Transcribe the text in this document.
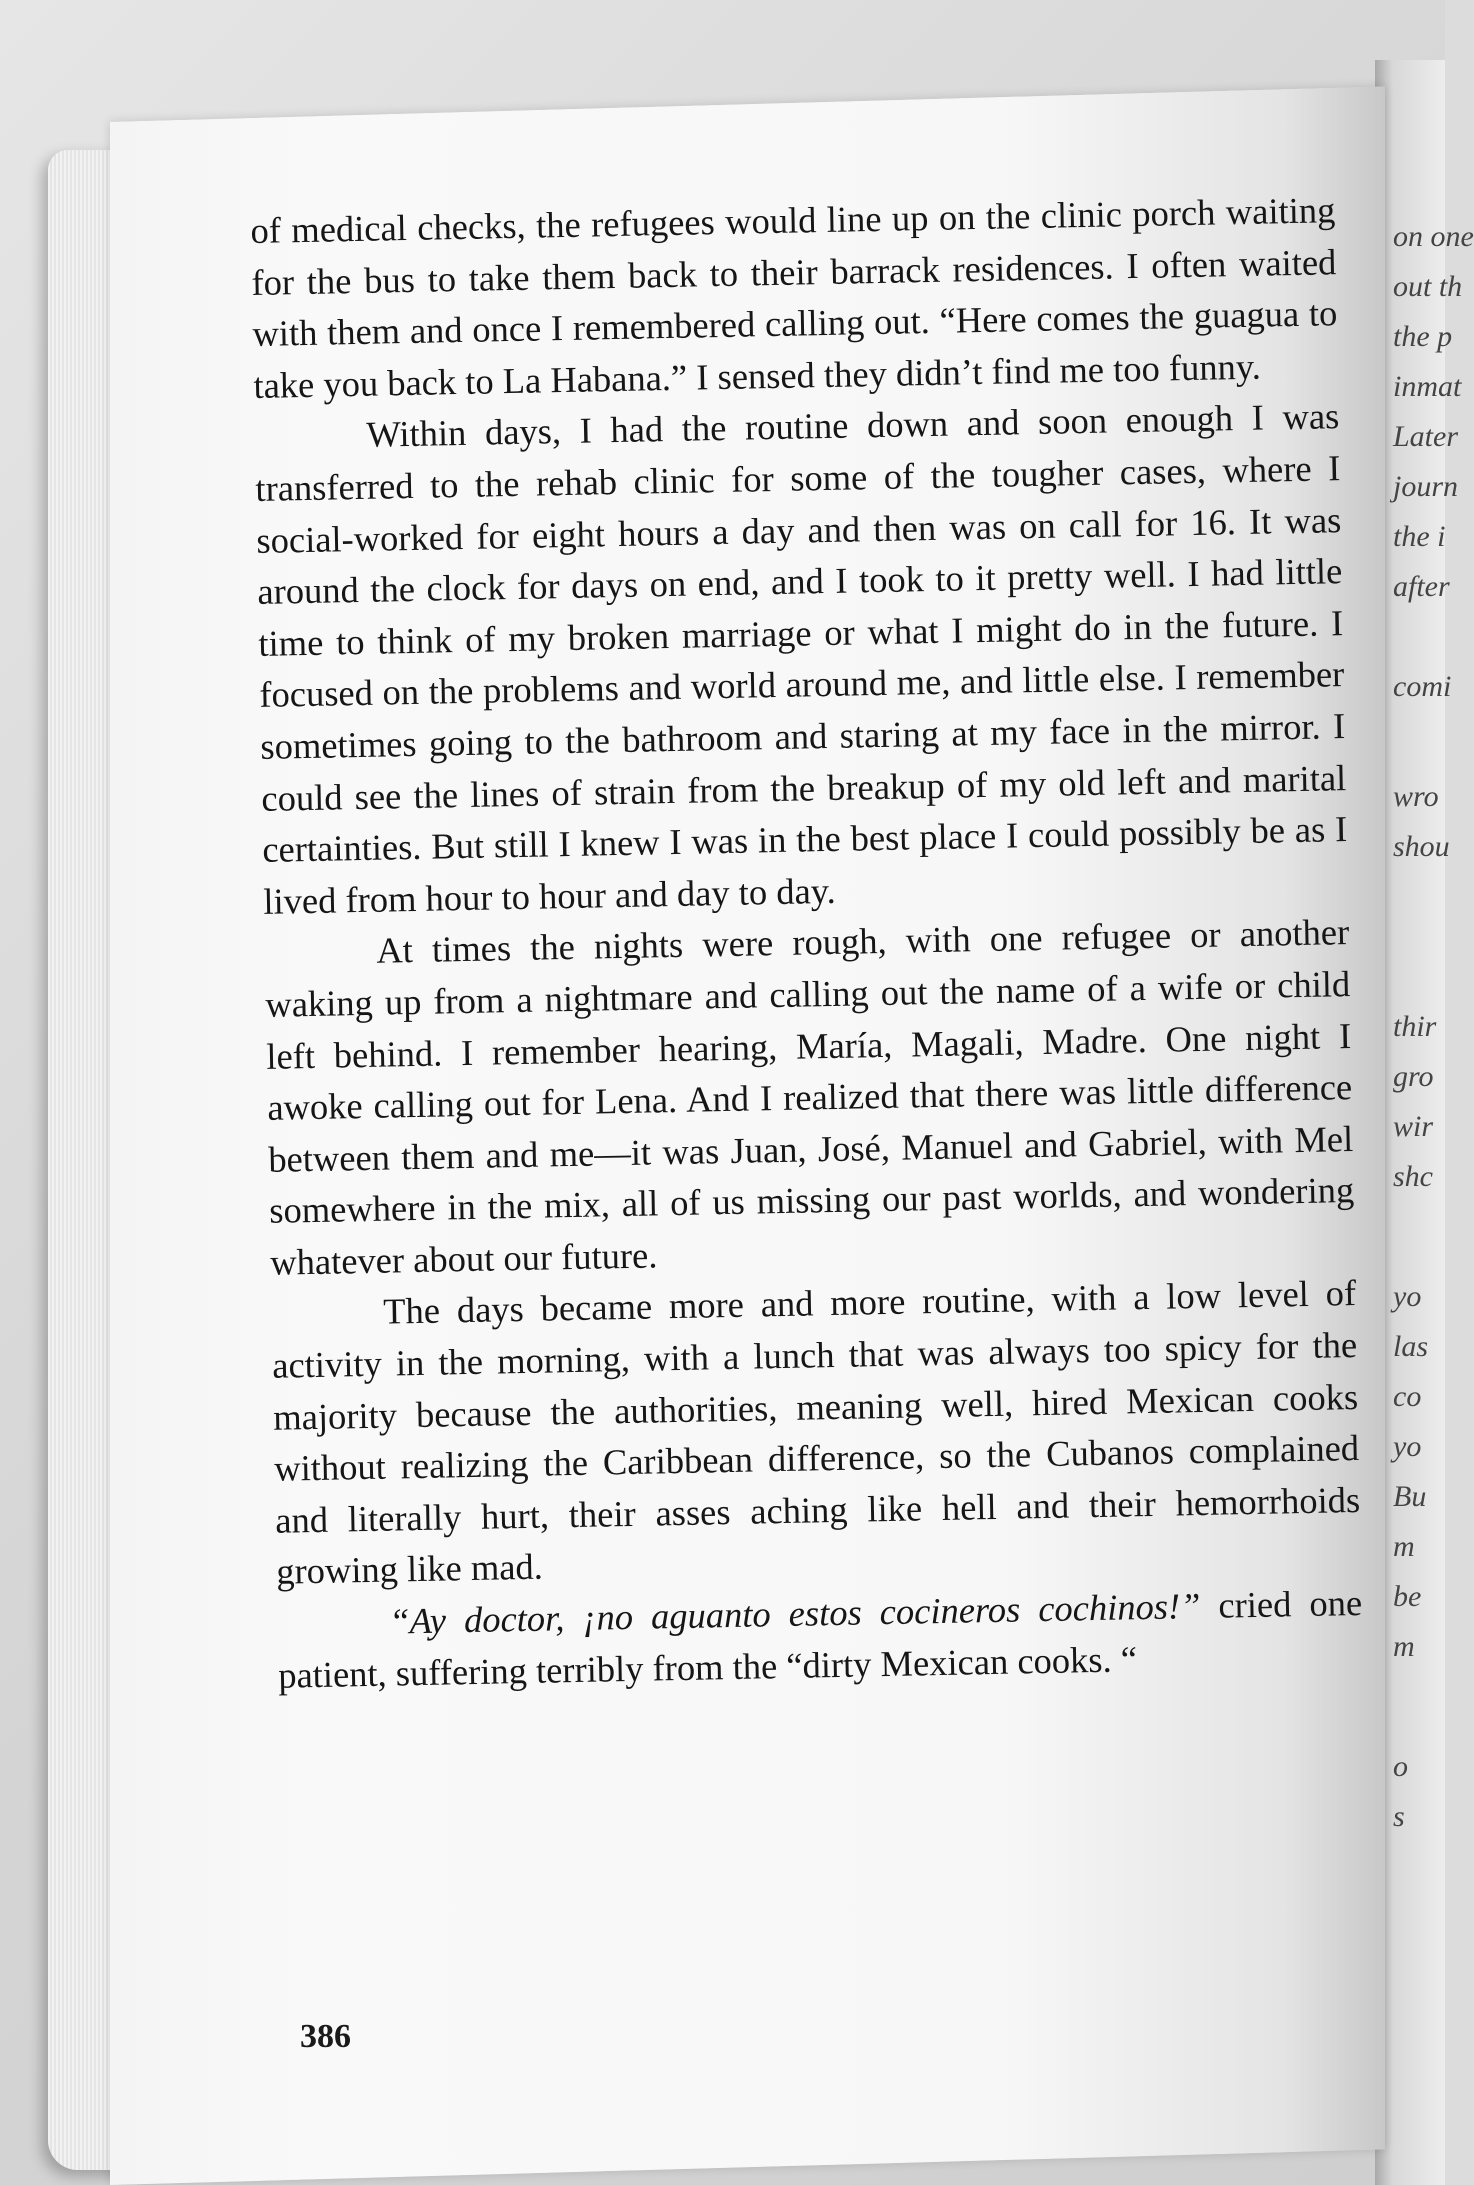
on one
out th
the p
inmat
Later
journ
the i
after
comi
wro
shou
thir
gro
wir
shc
yo
las
co
yo
Bu
m
be
m
o
s

of medical checks, the refugees would line up on the clinic porch waiting for the bus to take them back to their barrack residences. I often waited with them and once I remembered calling out. “Here comes the guagua to take you back to La Habana.” I sensed they didn’t find me too funny.

Within days, I had the routine down and soon enough I was transferred to the rehab clinic for some of the tougher cases, where I social-worked for eight hours a day and then was on call for 16. It was around the clock for days on end, and I took to it pretty well. I had little time to think of my broken marriage or what I might do in the future. I focused on the problems and world around me, and little else. I remember sometimes going to the bathroom and staring at my face in the mirror. I could see the lines of strain from the breakup of my old left and marital certainties. But still I knew I was in the best place I could possibly be as I lived from hour to hour and day to day.

At times the nights were rough, with one refugee or another waking up from a nightmare and calling out the name of a wife or child left behind. I remember hearing, María, Magali, Madre. One night I awoke calling out for Lena. And I realized that there was little difference between them and me—it was Juan, José, Manuel and Gabriel, with Mel somewhere in the mix, all of us missing our past worlds, and wondering whatever about our future.

The days became more and more routine, with a low level of activity in the morning, with a lunch that was always too spicy for the majority because the authorities, meaning well, hired Mexican cooks without realizing the Caribbean difference, so the Cubanos complained and literally hurt, their asses aching like hell and their hemorrhoids growing like mad.

“Ay doctor, ¡no aguanto estos cocineros cochinos!” cried one patient, suffering terribly from the “dirty Mexican cooks. “

386
